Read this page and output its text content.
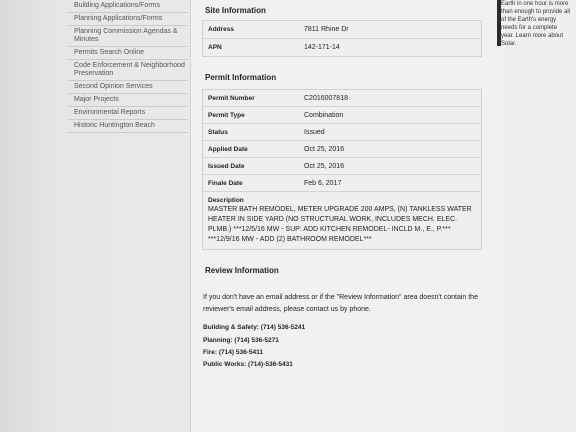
Building Applications/Forms
Planning Applications/Forms
Planning Commission Agendas & Minutes
Permits Search Online
Code Enforcement & Neighborhood Preservation
Second Opinion Services
Major Projects
Environmental Reports
Historic Huntington Beach
Site Information
Address	7811 Rhine Dr
APN	142-171-14
Permit Information
Permit Number	C2016007818
Permit Type	Combination
Status	Issued
Applied Date	Oct 25, 2016
Issued Date	Oct 25, 2016
Finale Date	Feb 6, 2017
Description
MASTER BATH REMODEL, METER UPGRADE 200 AMPS, (N) TANKLESS WATER HEATER IN SIDE YARD (NO STRUCTURAL WORK, INCLUDES MECH. ELEC. PLMB.) ***12/5/16 MW - SUP: ADD KITCHEN REMODEL- INCLD M., E., P.*** ***12/9/16 MW - ADD (2) BATHROOM REMODEL***
Review Information
If you don't have an email address or if the "Review Information" area doesn't contain the reviewer's email address, please contact us by phone.
Building & Safety: (714) 536-5241
Planning: (714) 536-5271
Fire: (714) 536-5411
Public Works: (714)-536-5431
Earth in one hour is more
than enough to provide all
of the Earth's energy
needs for a complete
year. Learn more about
Solar.
